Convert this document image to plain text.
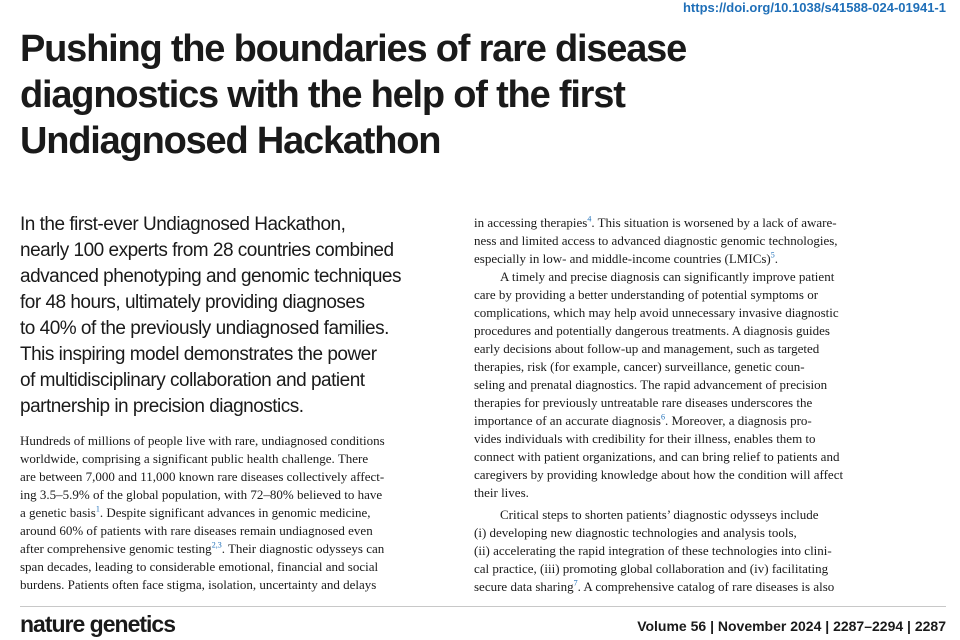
https://doi.org/10.1038/s41588-024-01941-1
Pushing the boundaries of rare disease
diagnostics with the help of the first
Undiagnosed Hackathon
In the first-ever Undiagnosed Hackathon,
nearly 100 experts from 28 countries combined
advanced phenotyping and genomic techniques
for 48 hours, ultimately providing diagnoses
to 40% of the previously undiagnosed families.
This inspiring model demonstrates the power
of multidisciplinary collaboration and patient
partnership in precision diagnostics.
Hundreds of millions of people live with rare, undiagnosed conditions
worldwide, comprising a significant public health challenge. There
are between 7,000 and 11,000 known rare diseases collectively affect-
ing 3.5–5.9% of the global population, with 72–80% believed to have
a genetic basis$^1$. Despite significant advances in genomic medicine,
around 60% of patients with rare diseases remain undiagnosed even
after comprehensive genomic testing$^{2,3}$. Their diagnostic odysseys can
span decades, leading to considerable emotional, financial and social
burdens. Patients often face stigma, isolation, uncertainty and delays
in accessing therapies$^4$. This situation is worsened by a lack of aware-
ness and limited access to advanced diagnostic genomic technologies,
especially in low- and middle-income countries (LMICs)$^5$.
A timely and precise diagnosis can significantly improve patient
care by providing a better understanding of potential symptoms or
complications, which may help avoid unnecessary invasive diagnostic
procedures and potentially dangerous treatments. A diagnosis guides
early decisions about follow-up and management, such as targeted
therapies, risk (for example, cancer) surveillance, genetic coun-
seling and prenatal diagnostics. The rapid advancement of precision
therapies for previously untreatable rare diseases underscores the
importance of an accurate diagnosis$^6$. Moreover, a diagnosis pro-
vides individuals with credibility for their illness, enables them to
connect with patient organizations, and can bring relief to patients and
caregivers by providing knowledge about how the condition will affect
their lives.
Critical steps to shorten patients’ diagnostic odysseys include
(i) developing new diagnostic technologies and analysis tools,
(ii) accelerating the rapid integration of these technologies into clini-
cal practice, (iii) promoting global collaboration and (iv) facilitating
secure data sharing$^7$. A comprehensive catalog of rare diseases is also
nature genetics	Volume 56 | November 2024 | 2287–2294 | 2287
